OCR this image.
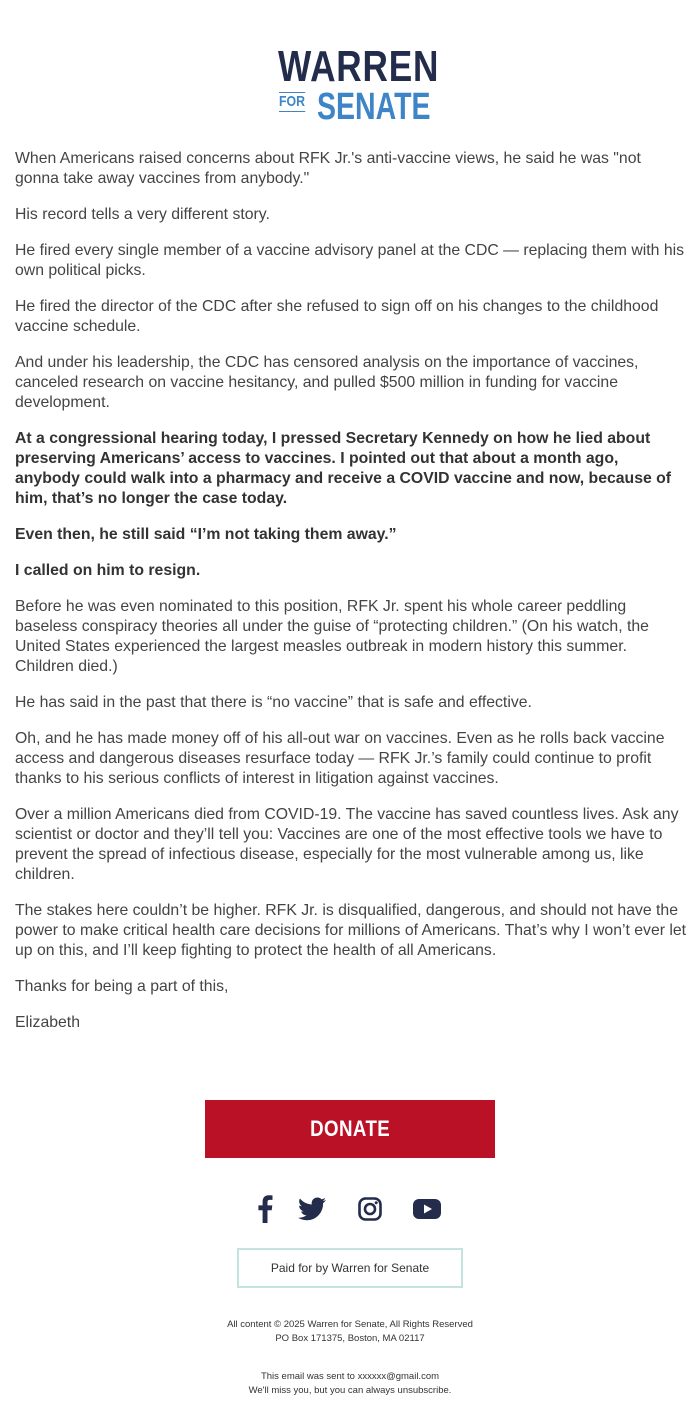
WARREN
FOR SENATE

When Americans raised concerns about RFK Jr.'s anti-vaccine views, he said he was "not gonna take away vaccines from anybody."

His record tells a very different story.

He fired every single member of a vaccine advisory panel at the CDC — replacing them with his own political picks.

He fired the director of the CDC after she refused to sign off on his changes to the childhood vaccine schedule.

And under his leadership, the CDC has censored analysis on the importance of vaccines, canceled research on vaccine hesitancy, and pulled $500 million in funding for vaccine development.

At a congressional hearing today, I pressed Secretary Kennedy on how he lied about preserving Americans’ access to vaccines. I pointed out that about a month ago, anybody could walk into a pharmacy and receive a COVID vaccine and now, because of him, that’s no longer the case today.

Even then, he still said “I’m not taking them away.”

I called on him to resign.

Before he was even nominated to this position, RFK Jr. spent his whole career peddling baseless conspiracy theories all under the guise of “protecting children.” (On his watch, the United States experienced the largest measles outbreak in modern history this summer. Children died.)

He has said in the past that there is “no vaccine” that is safe and effective.

Oh, and he has made money off of his all-out war on vaccines. Even as he rolls back vaccine access and dangerous diseases resurface today — RFK Jr.’s family could continue to profit thanks to his serious conflicts of interest in litigation against vaccines.

Over a million Americans died from COVID-19. The vaccine has saved countless lives. Ask any scientist or doctor and they’ll tell you: Vaccines are one of the most effective tools we have to prevent the spread of infectious disease, especially for the most vulnerable among us, like children.

The stakes here couldn’t be higher. RFK Jr. is disqualified, dangerous, and should not have the power to make critical health care decisions for millions of Americans. That’s why I won’t ever let up on this, and I’ll keep fighting to protect the health of all Americans.

Thanks for being a part of this,

Elizabeth

DONATE
Paid for by Warren for Senate
All content © 2025 Warren for Senate, All Rights Reserved
PO Box 171375, Boston, MA 02117
This email was sent to xxxxxx@gmail.com
We'll miss you, but you can always unsubscribe.
